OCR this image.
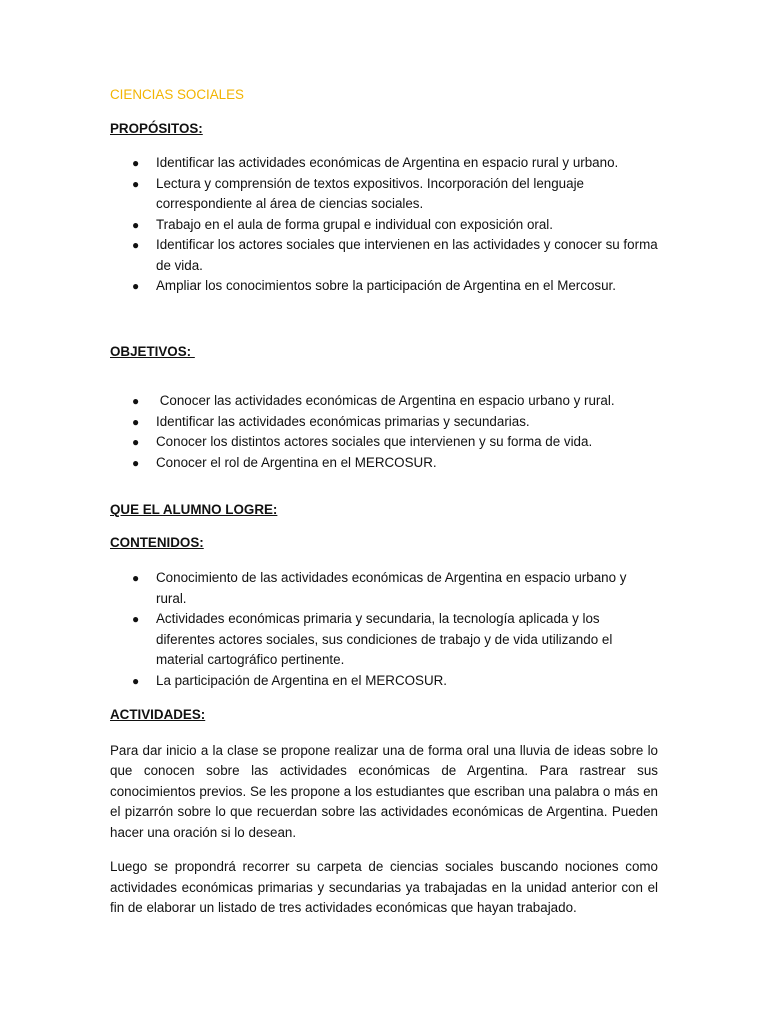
CIENCIAS SOCIALES

PROPÓSITOS:

● Identificar las actividades económicas de Argentina en espacio rural y urbano.
● Lectura y comprensión de textos expositivos. Incorporación del lenguaje correspondiente al área de ciencias sociales.
● Trabajo en el aula de forma grupal e individual con exposición oral.
● Identificar los actores sociales que intervienen en las actividades y conocer su forma de vida.
● Ampliar los conocimientos sobre la participación de Argentina en el Mercosur.

OBJETIVOS:

● Conocer las actividades económicas de Argentina en espacio urbano y rural.
● Identificar las actividades económicas primarias y secundarias.
● Conocer los distintos actores sociales que intervienen y su forma de vida.
● Conocer el rol de Argentina en el MERCOSUR.

QUE EL ALUMNO LOGRE:

CONTENIDOS:

● Conocimiento de las actividades económicas de Argentina en espacio urbano y rural.
● Actividades económicas primaria y secundaria, la tecnología aplicada y los diferentes actores sociales, sus condiciones de trabajo y de vida utilizando el material cartográfico pertinente.
● La participación de Argentina en el MERCOSUR.

ACTIVIDADES:

Para dar inicio a la clase se propone realizar una de forma oral una lluvia de ideas sobre lo que conocen sobre las actividades económicas de Argentina. Para rastrear sus conocimientos previos. Se les propone a los estudiantes que escriban una palabra o más en el pizarrón sobre lo que recuerdan sobre las actividades económicas de Argentina. Pueden hacer una oración si lo desean.

Luego se propondrá recorrer su carpeta de ciencias sociales buscando nociones como actividades económicas primarias y secundarias ya trabajadas en la unidad anterior con el fin de elaborar un listado de tres actividades económicas que hayan trabajado.
